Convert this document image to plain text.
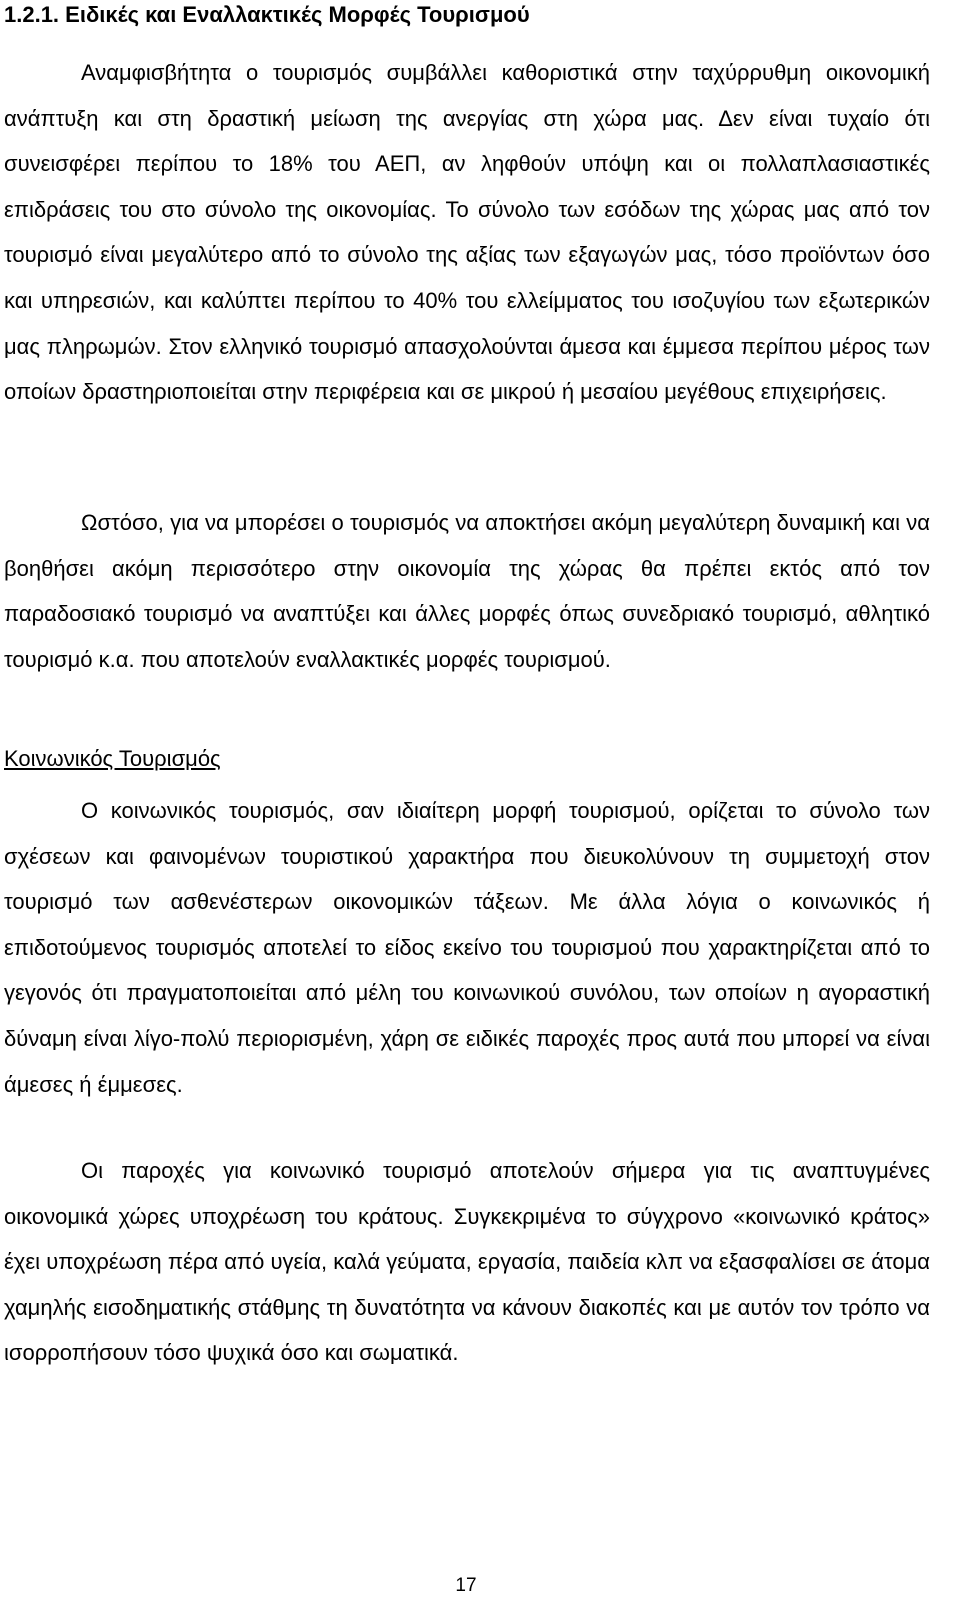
1.2.1. Ειδικές και Εναλλακτικές Μορφές Τουρισμού

Αναμφισβήτητα ο τουρισμός συμβάλλει καθοριστικά στην ταχύρρυθμη οικονομική ανάπτυξη και στη δραστική μείωση της ανεργίας στη χώρα μας. Δεν είναι τυχαίο ότι συνεισφέρει περίπου το 18% του ΑΕΠ, αν ληφθούν υπόψη και οι πολλαπλασιαστικές επιδράσεις του στο σύνολο της οικονομίας. Το σύνολο των εσόδων της χώρας μας από τον τουρισμό είναι μεγαλύτερο από το σύνολο της αξίας των εξαγωγών μας, τόσο προϊόντων όσο και υπηρεσιών, και καλύπτει περίπου το 40% του ελλείμματος του ισοζυγίου των εξωτερικών μας πληρωμών. Στον ελληνικό τουρισμό απασχολούνται άμεσα και έμμεσα περίπου μέρος των οποίων δραστηριοποιείται στην περιφέρεια και σε μικρού ή μεσαίου μεγέθους επιχειρήσεις.

Ωστόσο, για να μπορέσει ο τουρισμός να αποκτήσει ακόμη μεγαλύτερη δυναμική και να βοηθήσει ακόμη περισσότερο στην οικονομία της χώρας θα πρέπει εκτός από τον παραδοσιακό τουρισμό να αναπτύξει και άλλες μορφές όπως συνεδριακό τουρισμό, αθλητικό τουρισμό κ.α. που αποτελούν εναλλακτικές μορφές τουρισμού.

Κοινωνικός Τουρισμός

Ο κοινωνικός τουρισμός, σαν ιδιαίτερη μορφή τουρισμού, ορίζεται το σύνολο των σχέσεων και φαινομένων τουριστικού χαρακτήρα που διευκολύνουν τη συμμετοχή στον τουρισμό των ασθενέστερων οικονομικών τάξεων. Με άλλα λόγια ο κοινωνικός ή επιδοτούμενος τουρισμός αποτελεί το είδος εκείνο του τουρισμού που χαρακτηρίζεται από το γεγονός ότι πραγματοποιείται από μέλη του κοινωνικού συνόλου, των οποίων η αγοραστική δύναμη είναι λίγο-πολύ περιορισμένη, χάρη σε ειδικές παροχές προς αυτά που μπορεί να είναι άμεσες ή έμμεσες.

Οι παροχές για κοινωνικό τουρισμό αποτελούν σήμερα για τις αναπτυγμένες οικονομικά χώρες υποχρέωση του κράτους. Συγκεκριμένα το σύγχρονο «κοινωνικό κράτος» έχει υποχρέωση πέρα από υγεία, καλά γεύματα, εργασία, παιδεία κλπ να εξασφαλίσει σε άτομα χαμηλής εισοδηματικής στάθμης τη δυνατότητα να κάνουν διακοπές και με αυτόν τον τρόπο να ισορροπήσουν τόσο ψυχικά όσο και σωματικά.

17
